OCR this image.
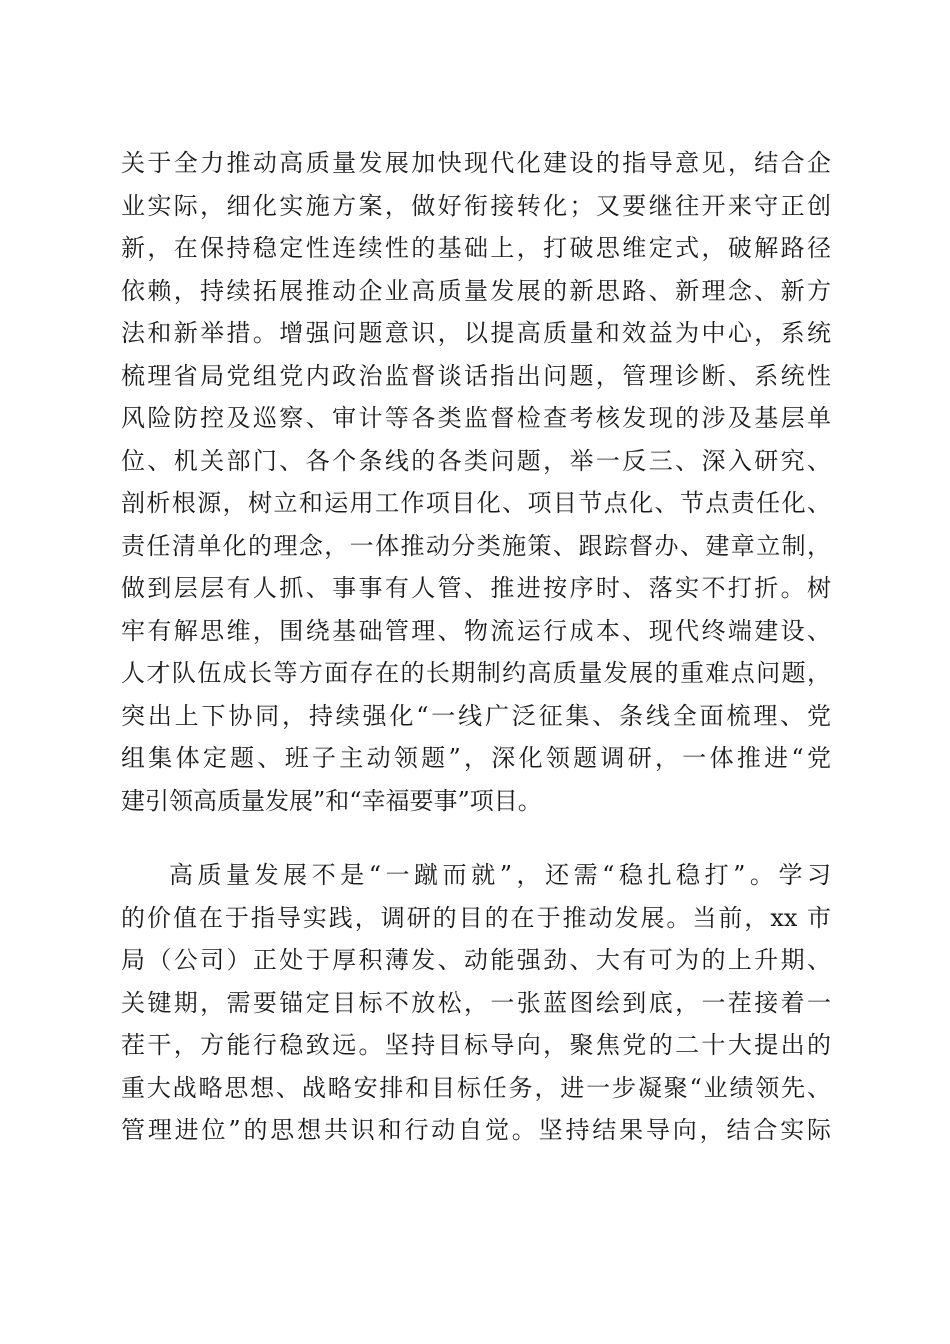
关于全力推动高质量发展加快现代化建设的指导意见，结合企
业实际，细化实施方案，做好衔接转化；又要继往开来守正创
新，在保持稳定性连续性的基础上，打破思维定式，破解路径
依赖，持续拓展推动企业高质量发展的新思路、新理念、新方
法和新举措。增强问题意识，以提高质量和效益为中心，系统
梳理省局党组党内政治监督谈话指出问题，管理诊断、系统性
风险防控及巡察、审计等各类监督检查考核发现的涉及基层单
位、机关部门、各个条线的各类问题，举一反三、深入研究、
剖析根源，树立和运用工作项目化、项目节点化、节点责任化、
责任清单化的理念，一体推动分类施策、跟踪督办、建章立制，
做到层层有人抓、事事有人管、推进按序时、落实不打折。树
牢有解思维，围绕基础管理、物流运行成本、现代终端建设、
人才队伍成长等方面存在的长期制约高质量发展的重难点问题，
突出上下协同，持续强化“一线广泛征集、条线全面梳理、党
组集体定题、班子主动领题”，深化领题调研，一体推进“党
建引领高质量发展”和“幸福要事”项目。
高质量发展不是“一蹴而就”，还需“稳扎稳打”。学习
的价值在于指导实践，调研的目的在于推动发展。当前，xx 市
局（公司）正处于厚积薄发、动能强劲、大有可为的上升期、
关键期，需要锚定目标不放松，一张蓝图绘到底，一茬接着一
茬干，方能行稳致远。坚持目标导向，聚焦党的二十大提出的
重大战略思想、战略安排和目标任务，进一步凝聚“业绩领先、
管理进位”的思想共识和行动自觉。坚持结果导向，结合实际
